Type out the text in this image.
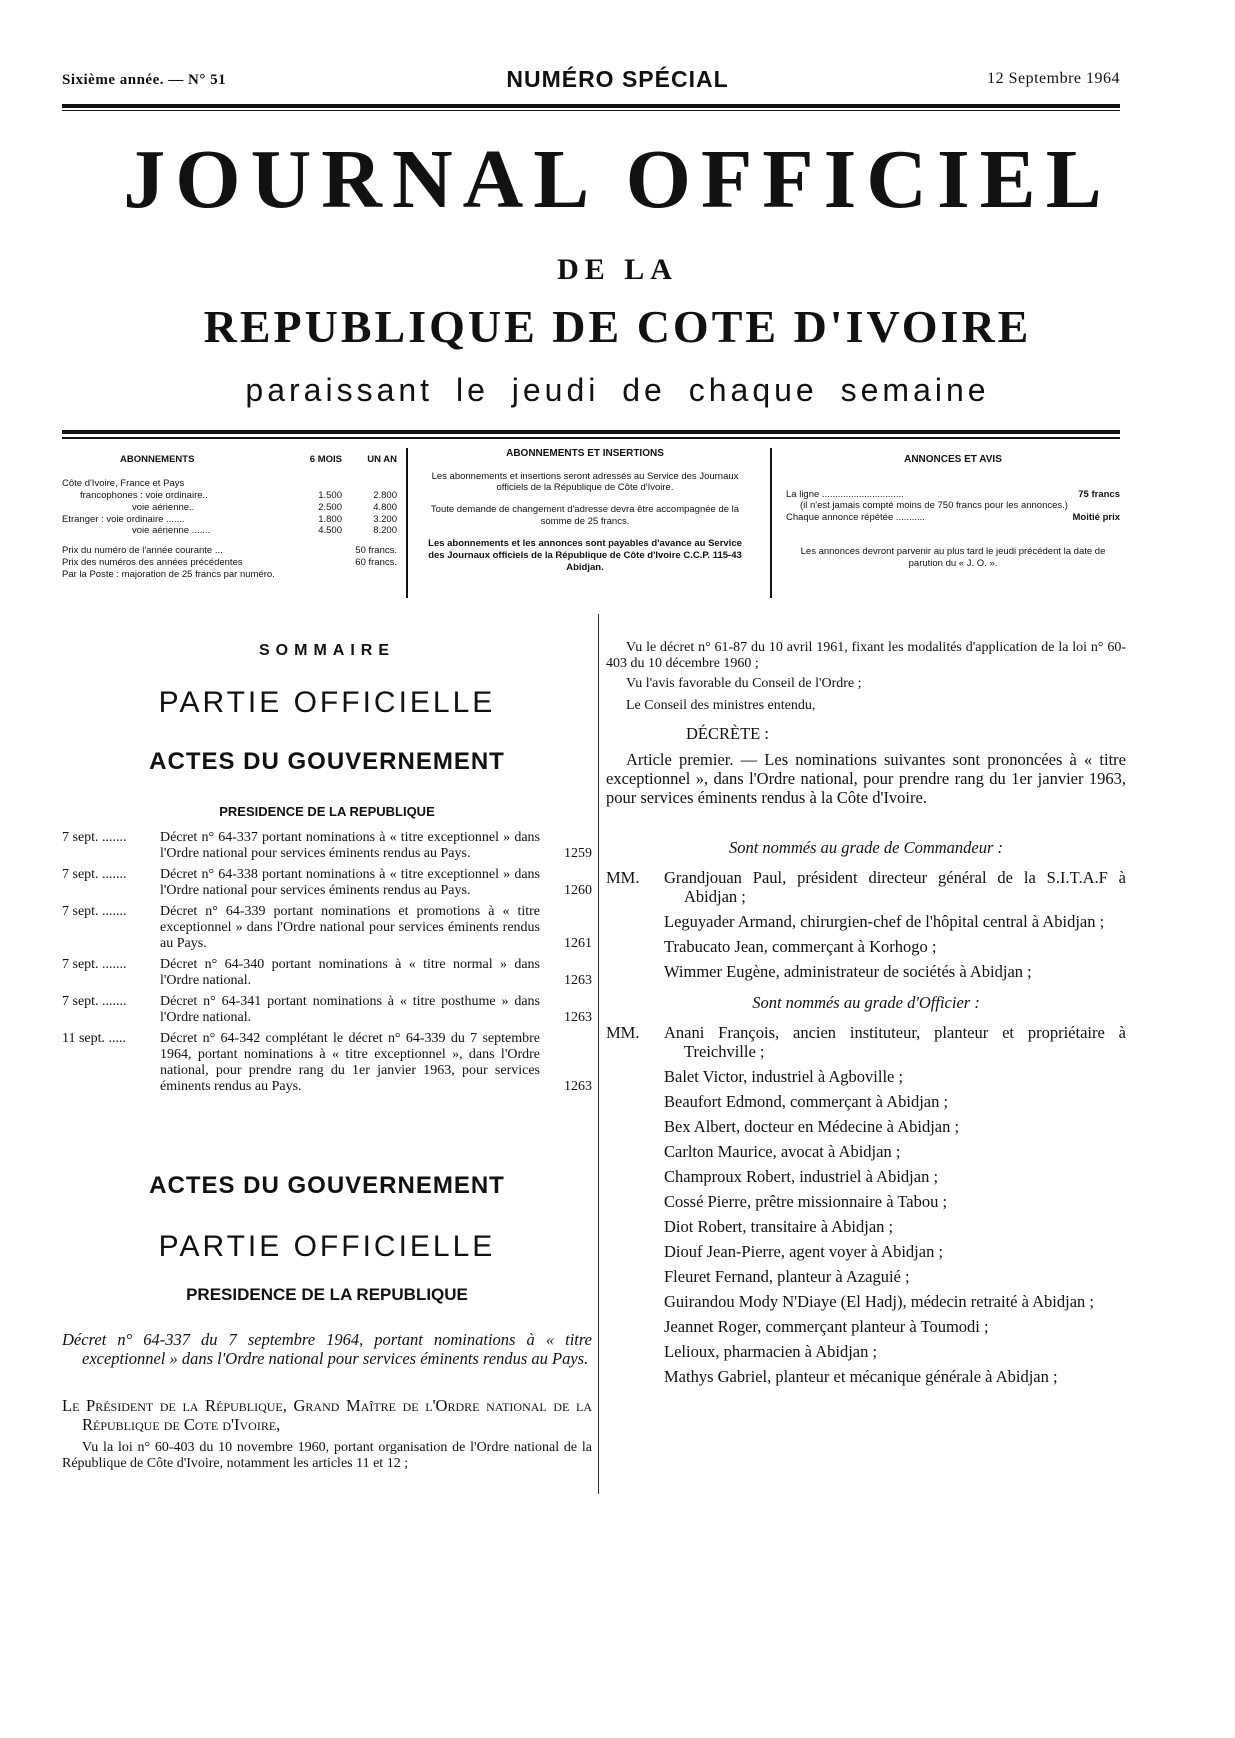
Sixième année. — N° 51	NUMÉRO SPÉCIAL	12 Septembre 1964
JOURNAL OFFICIEL
DE LA
REPUBLIQUE DE COTE D'IVOIRE
paraissant le jeudi de chaque semaine
ABONNEMENTS	6 MOIS	UN AN
Côte d'Ivoire, France et Pays
francophones : voie ordinaire..	1.500	2.800
voie aérienne..	2.500	4.800
Etranger : voie ordinaire .......	1.800	3.200
voie aérienne .......	4.500	8.200
Prix du numéro de l'année courante ...	50 francs.
Prix des numéros des années précédentes	60 francs.
Par la Poste : majoration de 25 francs par numéro.
ABONNEMENTS ET INSERTIONS
Les abonnements et insertions seront adressés au Service des Journaux officiels de la République de Côte d'Ivoire.
Toute demande de changement d'adresse devra être accompagnée de la somme de 25 francs.
Les abonnements et les annonces sont payables d'avance au Service des Journaux officiels de la République de Côte d'Ivoire C.C.P. 115-43 Abidjan.
ANNONCES ET AVIS
La ligne ...............................	75 francs
(il n'est jamais compté moins de 750 francs pour les annonces.)
Chaque annonce répétée ...........	Moitié prix
Les annonces devront parvenir au plus tard le jeudi précédent la date de parution du « J. O. ».
SOMMAIRE
PARTIE OFFICIELLE
ACTES DU GOUVERNEMENT
PRESIDENCE DE LA REPUBLIQUE
7 sept. .......	Décret n° 64-337 portant nominations à « titre exceptionnel » dans l'Ordre national pour services éminents rendus au Pays.	1259
7 sept. .......	Décret n° 64-338 portant nominations à « titre exceptionnel » dans l'Ordre national pour services éminents rendus au Pays.	1260
7 sept. .......	Décret n° 64-339 portant nominations et promotions à « titre exceptionnel » dans l'Ordre national pour services éminents rendus au Pays.	1261
7 sept. .......	Décret n° 64-340 portant nominations à « titre normal » dans l'Ordre national.	1263
7 sept. .......	Décret n° 64-341 portant nominations à « titre posthume » dans l'Ordre national.	1263
11 sept. .....	Décret n° 64-342 complétant le décret n° 64-339 du 7 septembre 1964, portant nominations à « titre exceptionnel », dans l'Ordre national, pour prendre rang du 1er janvier 1963, pour services éminents rendus au Pays.	1263
ACTES DU GOUVERNEMENT
PARTIE OFFICIELLE
PRESIDENCE DE LA REPUBLIQUE
Décret n° 64-337 du 7 septembre 1964, portant nominations à « titre exceptionnel » dans l'Ordre national pour services éminents rendus au Pays.
Le Président de la République, Grand Maître de l'Ordre national de la République de Cote d'Ivoire,
Vu la loi n° 60-403 du 10 novembre 1960, portant organisation de l'Ordre national de la République de Côte d'Ivoire, notamment les articles 11 et 12 ;
Vu le décret n° 61-87 du 10 avril 1961, fixant les modalités d'application de la loi n° 60-403 du 10 décembre 1960 ;
Vu l'avis favorable du Conseil de l'Ordre ;
Le Conseil des ministres entendu,
DÉCRÈTE :
Article premier. — Les nominations suivantes sont prononcées à « titre exceptionnel », dans l'Ordre national, pour prendre rang du 1er janvier 1963, pour services éminents rendus à la Côte d'Ivoire.
Sont nommés au grade de Commandeur :
MM.	Grandjouan Paul, président directeur général de la S.I.T.A.F à Abidjan ;
Leguyader Armand, chirurgien-chef de l'hôpital central à Abidjan ;
Trabucato Jean, commerçant à Korhogo ;
Wimmer Eugène, administrateur de sociétés à Abidjan ;
Sont nommés au grade d'Officier :
MM.	Anani François, ancien instituteur, planteur et propriétaire à Treichville ;
Balet Victor, industriel à Agboville ;
Beaufort Edmond, commerçant à Abidjan ;
Bex Albert, docteur en Médecine à Abidjan ;
Carlton Maurice, avocat à Abidjan ;
Champroux Robert, industriel à Abidjan ;
Cossé Pierre, prêtre missionnaire à Tabou ;
Diot Robert, transitaire à Abidjan ;
Diouf Jean-Pierre, agent voyer à Abidjan ;
Fleuret Fernand, planteur à Azaguié ;
Guirandou Mody N'Diaye (El Hadj), médecin retraité à Abidjan ;
Jeannet Roger, commerçant planteur à Toumodi ;
Lelioux, pharmacien à Abidjan ;
Mathys Gabriel, planteur et mécanique générale à Abidjan ;
